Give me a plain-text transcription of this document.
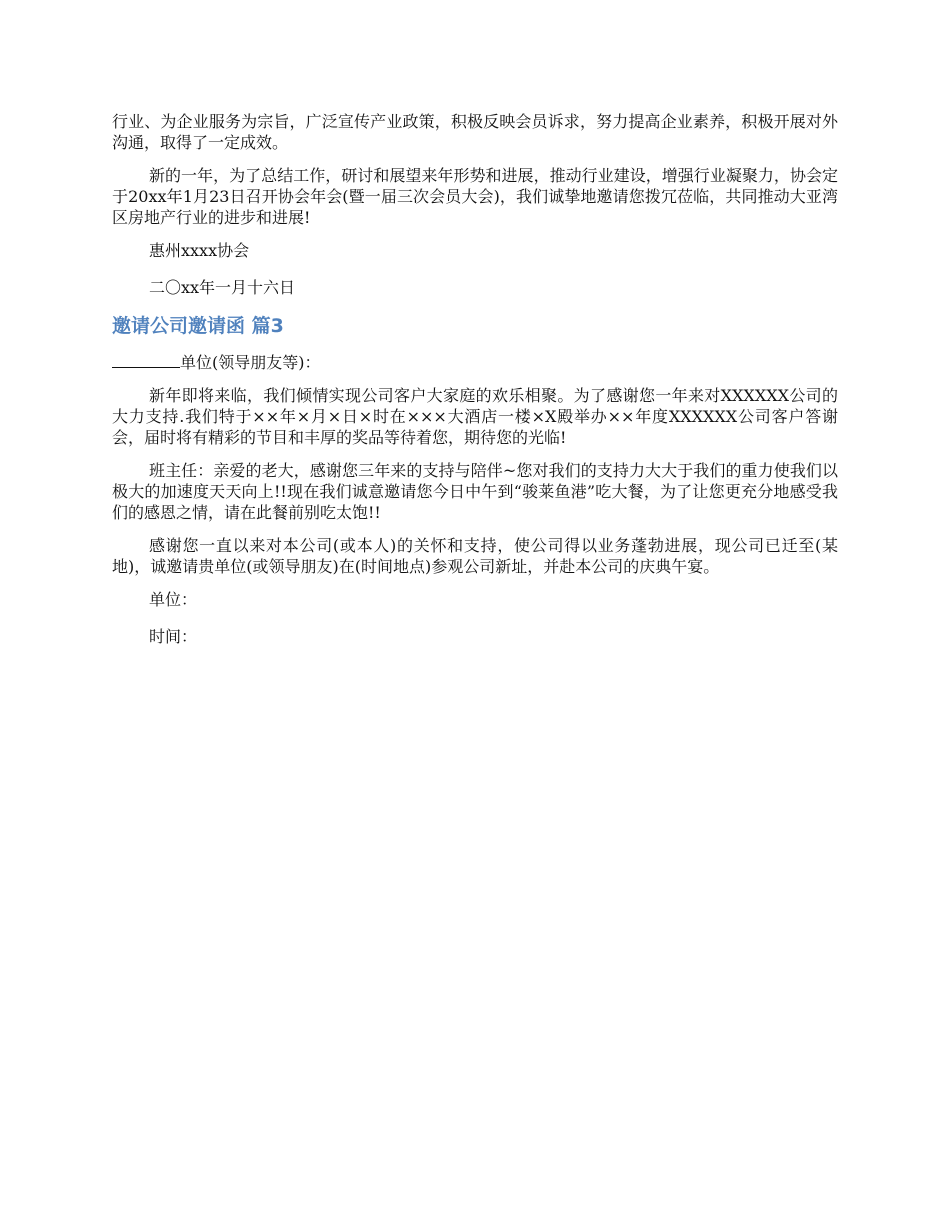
行业、为企业服务为宗旨，广泛宣传产业政策，积极反映会员诉求，努力提高企业素养，积极开展对外沟通，取得了一定成效。

新的一年，为了总结工作，研讨和展望来年形势和进展，推动行业建设，增强行业凝聚力，协会定于20xx年1月23日召开协会年会(暨一届三次会员大会)，我们诚挚地邀请您拨冗莅临，共同推动大亚湾区房地产行业的进步和进展!

惠州xxxx协会

二〇xx年一月十六日

邀请公司邀请函 篇3

单位(领导朋友等)：

新年即将来临，我们倾情实现公司客户大家庭的欢乐相聚。为了感谢您一年来对XXXXXX公司的大力支持.我们特于××年×月×日×时在×××大酒店一楼×X殿举办××年度XXXXXX公司客户答谢会，届时将有精彩的节目和丰厚的奖品等待着您，期待您的光临!

班主任：亲爱的老大，感谢您三年来的支持与陪伴~您对我们的支持力大大于我们的重力使我们以极大的加速度天天向上!!现在我们诚意邀请您今日中午到“骏莱鱼港”吃大餐，为了让您更充分地感受我们的感恩之情，请在此餐前别吃太饱!!

感谢您一直以来对本公司(或本人)的关怀和支持，使公司得以业务蓬勃进展，现公司已迁至(某地)，诚邀请贵单位(或领导朋友)在(时间地点)参观公司新址，并赴本公司的庆典午宴。

单位：

时间：
